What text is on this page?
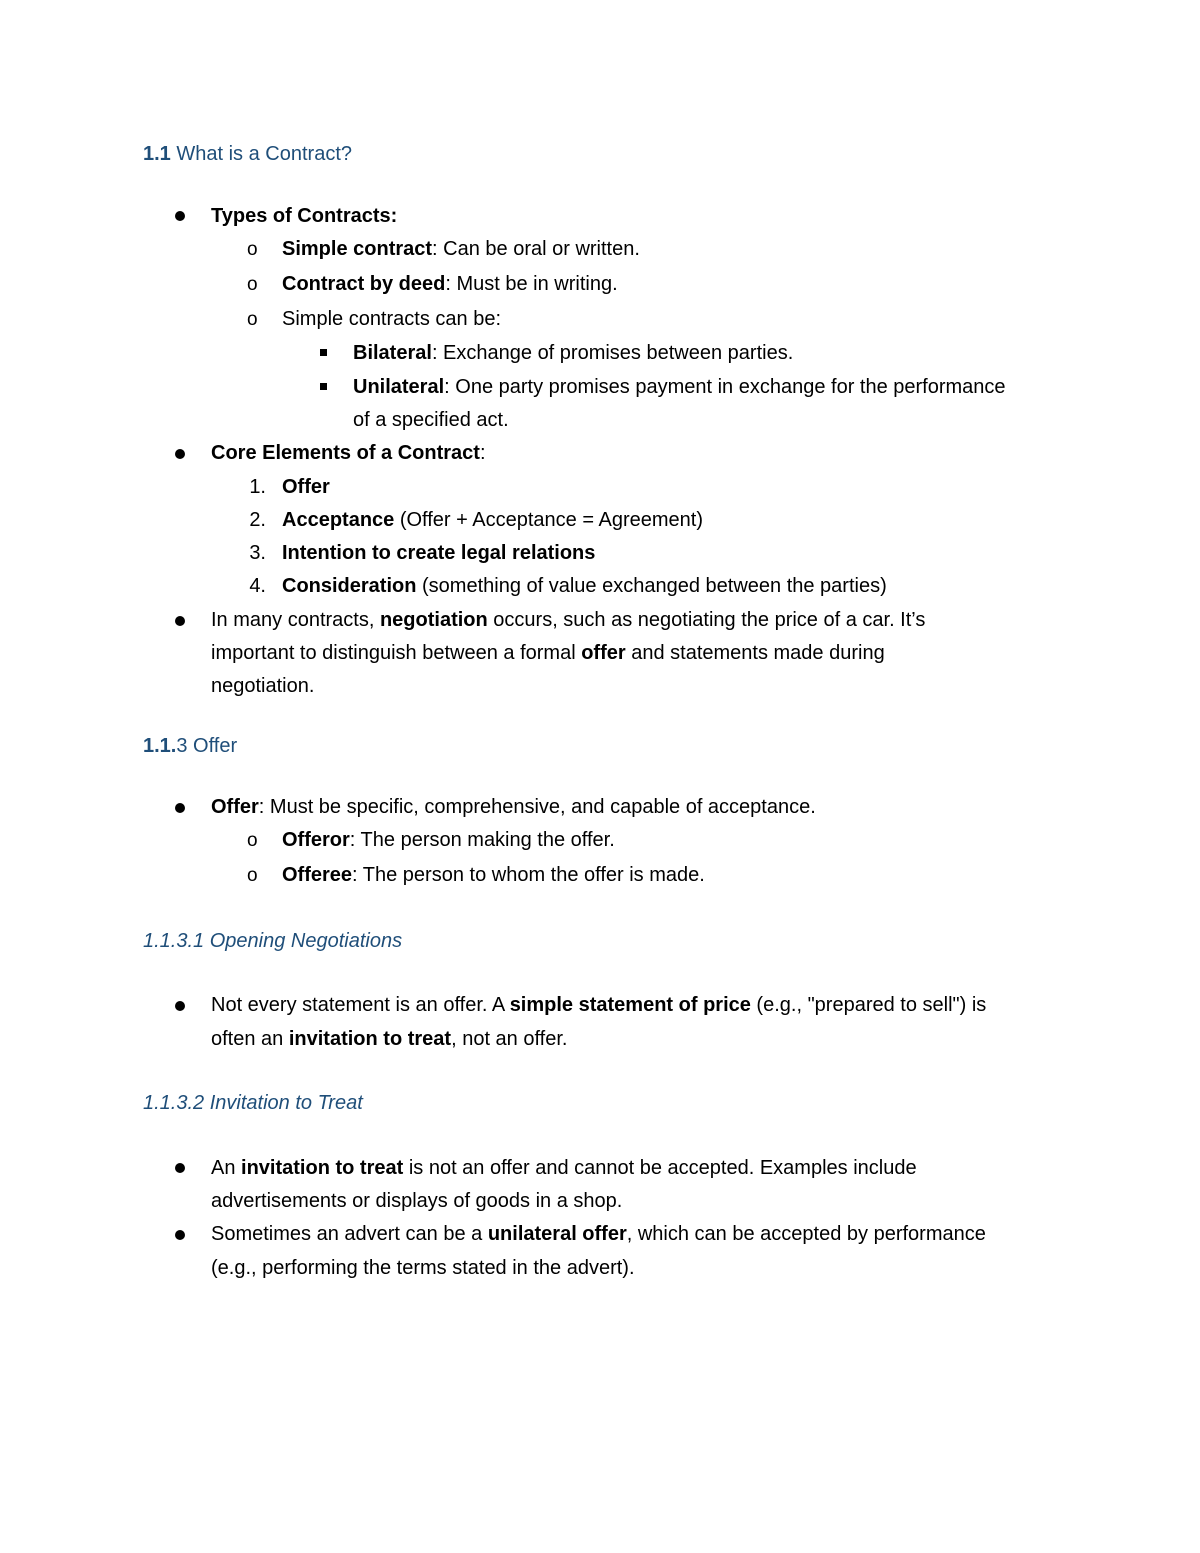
1.1 What is a Contract?
Types of Contracts:
o Simple contract: Can be oral or written.
o Contract by deed: Must be in writing.
o Simple contracts can be:
Bilateral: Exchange of promises between parties.
Unilateral: One party promises payment in exchange for the performance
of a specified act.
Core Elements of a Contract:
1. Offer
2. Acceptance (Offer + Acceptance = Agreement)
3. Intention to create legal relations
4. Consideration (something of value exchanged between the parties)
In many contracts, negotiation occurs, such as negotiating the price of a car. It’s
important to distinguish between a formal offer and statements made during
negotiation.
1.1.3 Offer
Offer: Must be specific, comprehensive, and capable of acceptance.
o Offeror: The person making the offer.
o Offeree: The person to whom the offer is made.
1.1.3.1 Opening Negotiations
Not every statement is an offer. A simple statement of price (e.g., "prepared to sell") is
often an invitation to treat, not an offer.
1.1.3.2 Invitation to Treat
An invitation to treat is not an offer and cannot be accepted. Examples include
advertisements or displays of goods in a shop.
Sometimes an advert can be a unilateral offer, which can be accepted by performance
(e.g., performing the terms stated in the advert).
